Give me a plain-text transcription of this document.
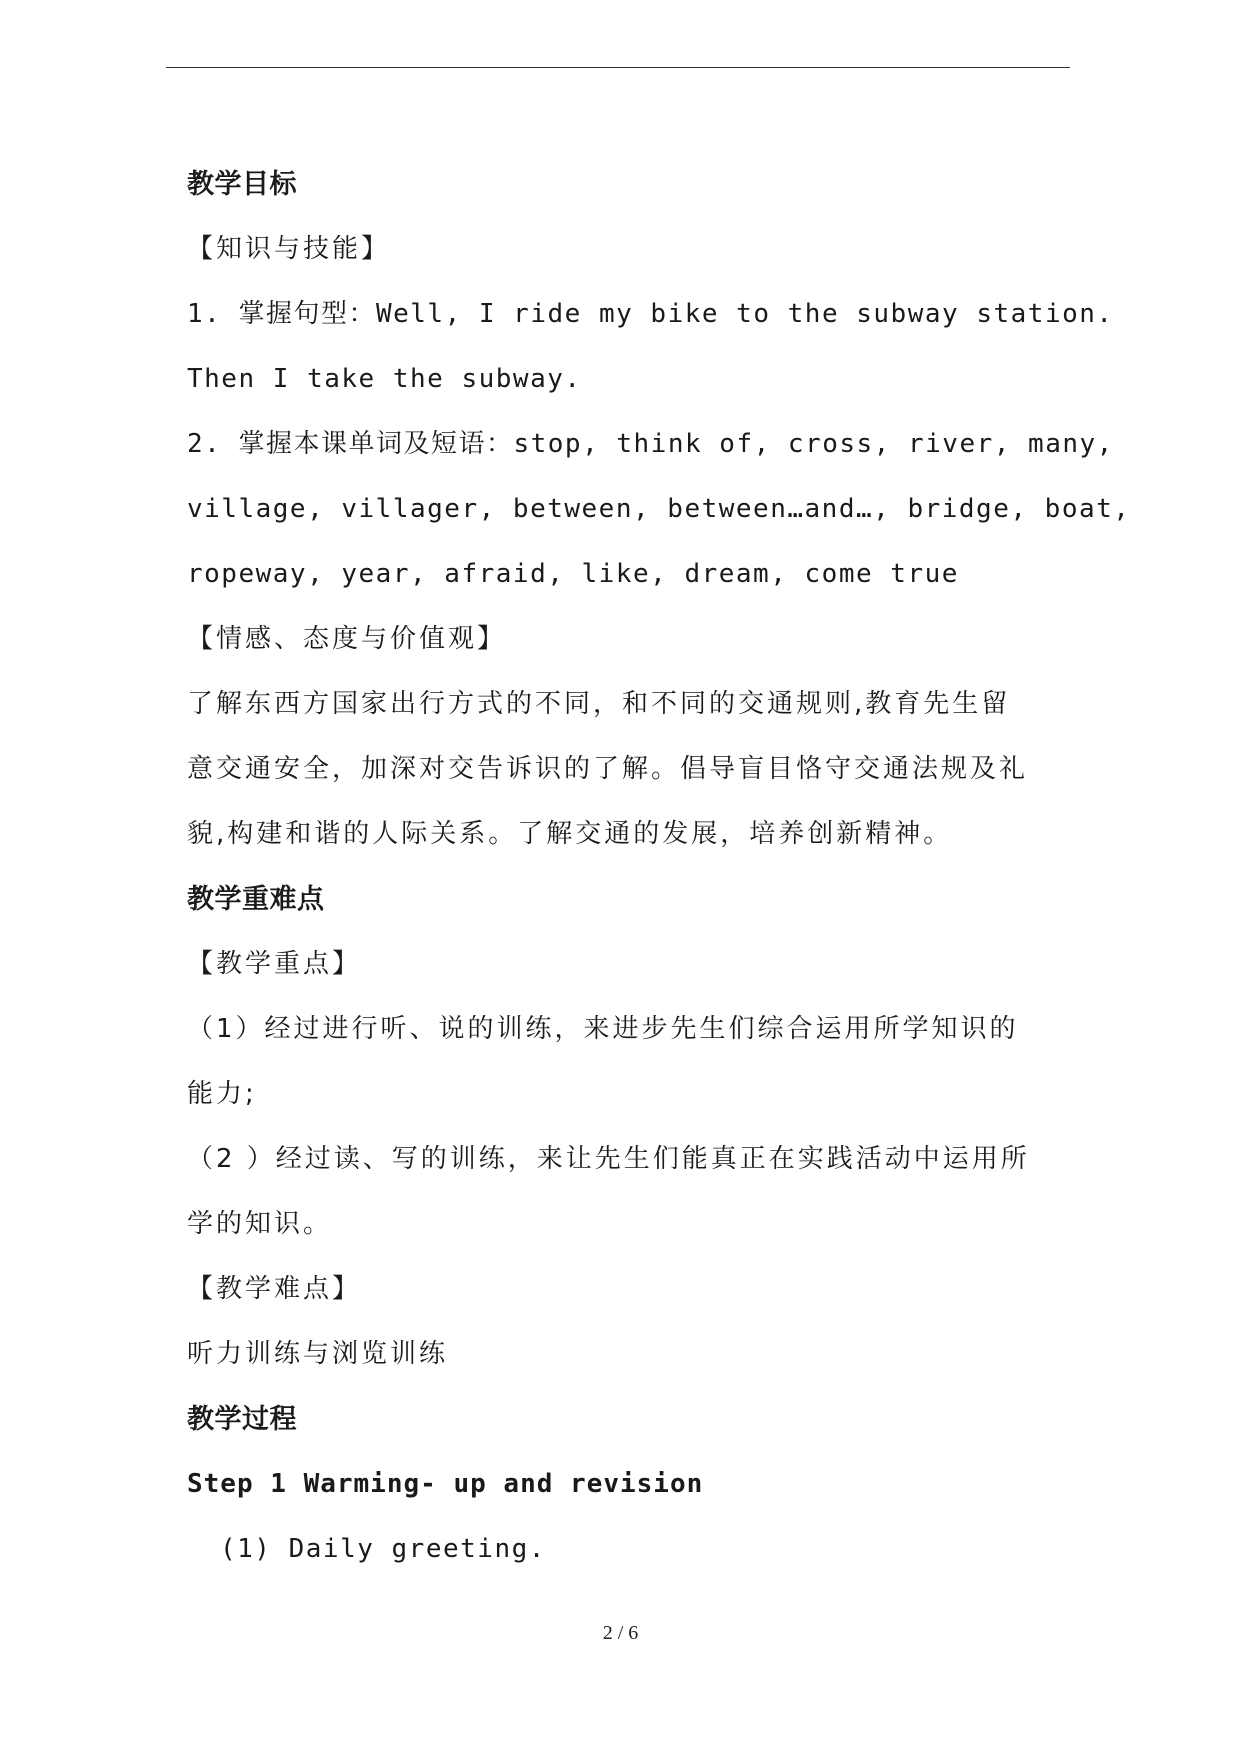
教学目标
【知识与技能】
1. 掌握句型：Well, I ride my bike to the subway station.
Then I take the subway.
2. 掌握本课单词及短语：stop, think of, cross, river, many,
village, villager, between, between…and…, bridge, boat,
ropeway, year, afraid, like, dream, come true
【情感、态度与价值观】
了解东西方国家出行方式的不同，和不同的交通规则,教育先生留
意交通安全，加深对交告诉识的了解。倡导盲目恪守交通法规及礼
貌,构建和谐的人际关系。了解交通的发展，培养创新精神。
教学重难点
【教学重点】
（1）经过进行听、说的训练，来进步先生们综合运用所学知识的
能力;
（2 ）经过读、写的训练，来让先生们能真正在实践活动中运用所
学的知识。
【教学难点】
听力训练与浏览训练
教学过程
Step 1 Warming- up and revision
(1) Daily greeting.
2 / 6
